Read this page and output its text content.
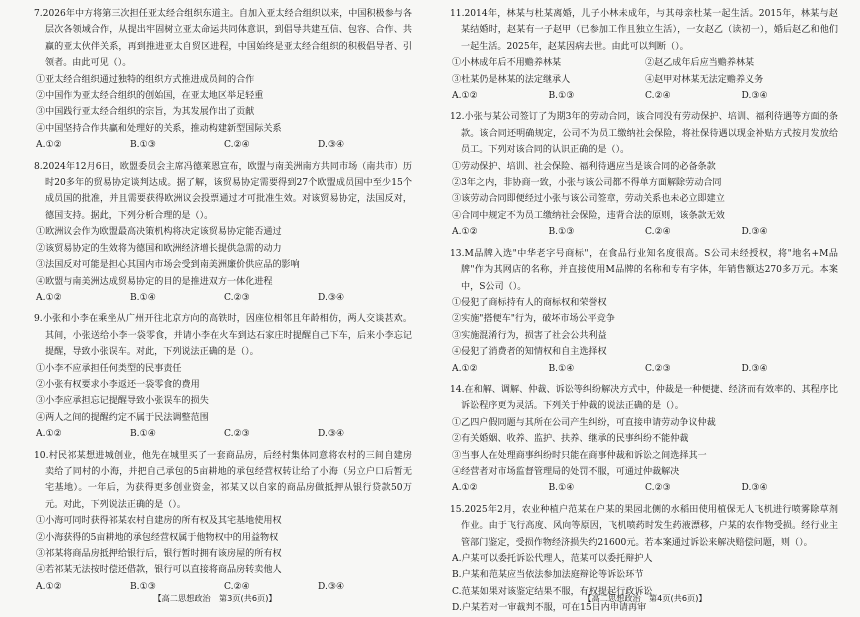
7.2026年中方将第三次担任亚太经合组织东道主。自加入亚太经合组织以来，中国积极参与各层次各领域合作，从提出牢固树立亚太命运共同体意识，到倡导共建互信、包容、合作、共赢的亚太伙伴关系，再到推进亚太自贸区进程，中国始终是亚太经合组织的积极倡导者、引领者。由此可见（）。
①亚太经合组织通过独特的组织方式推进成员间的合作
②中国作为亚太经合组织的创始国，在亚太地区举足轻重
③中国践行亚太经合组织的宗旨，为其发展作出了贡献
④中国坚持合作共赢和处理好的关系，推动构建新型国际关系
A.①②	B.①③	C.②④	D.③④
8.2024年12月6日，欧盟委员会主席冯德莱恩宣布，欧盟与南美洲南方共同市场（南共市）历时20多年的贸易协定谈判达成。据了解，该贸易协定需要得到27个欧盟成员国中至少15个成员国的批准，并且需要获得欧洲议会投票通过才可批准生效。对该贸易协定，法国反对，德国支持。据此，下列分析合理的是（）。
①欧洲议会作为欧盟最高决策机构将决定该贸易协定能否通过
②该贸易协定的生效将为德国和欧洲经济增长提供急需的动力
③法国反对可能是担心其国内市场会受到南美洲廉价供应品的影响
④欧盟与南美洲达成贸易协定的目的是推进双方一体化进程
A.①②	B.①④	C.②③	D.③④
9.小张和小李在乘坐从广州开往北京方向的高铁时，因座位相邻且年龄相仿，两人交谈甚欢。其间，小张送给小李一袋零食，并请小李在火车到达石家庄时提醒自己下车，后来小李忘记提醒，导致小张误车。对此，下列说法正确的是（）。
①小李不应承担任何类型的民事责任
②小张有权要求小李返还一袋零食的费用
③小李应承担忘记提醒导致小张误车的损失
④两人之间的提醒约定不属于民法调整范围
A.①②	B.①④	C.②③	D.③④
10.村民祁某想进城创业，他先在城里买了一套商品房，后经村集体同意将农村的三间自建房卖给了同村的小海，并把自己承包的5亩耕地的承包经营权转让给了小海（另立户口后暂无宅基地）。一年后，为获得更多创业资金，祁某又以自家的商品房做抵押从银行贷款50万元。对此，下列说法正确的是（）。
①小海可同时获得祁某农村自建房的所有权及其宅基地使用权
②小海获得的5亩耕地的承包经营权属于他物权中的用益物权
③祁某将商品房抵押给银行后，银行暂时拥有该房屋的所有权
④若祁某无法按时偿还借款，银行可以直接将商品房转卖他人
A.①②	B.①③	C.②④	D.③④
【高二思想政治　第3页(共6页)】
11.2014年，林某与杜某离婚，儿子小林未成年，与其母亲杜某一起生活。2015年，林某与赵某结婚时，赵某有一子赵甲（已参加工作且独立生活），一女赵乙（读初一），婚后赵乙和他们一起生活。2025年，赵某因病去世。由此可以判断（）。
①小林成年后不用赡养林某	②赵乙成年后应当赡养林某
③杜某仍是林某的法定继承人	④赵甲对林某无法定赡养义务
A.①②	B.①③	C.②④	D.③④
12.小张与某公司签订了为期3年的劳动合同，该合同没有劳动保护、培训、福利待遇等方面的条款。该合同还明确规定，公司不为员工缴纳社会保险，将社保待遇以现金补贴方式按月发放给员工。下列对该合同的认识正确的是（）。
①劳动保护、培训、社会保险、福利待遇应当是该合同的必备条款
②3年之内，非协商一致，小张与该公司都不得单方面解除劳动合同
③该劳动合同即便经过小张与该公司签章，劳动关系也未必立即建立
④合同中规定不为员工缴纳社会保险，违背合法的原则，该条款无效
A.①②	B.①③	C.②④	D.③④
13.M品牌入选"中华老字号商标"，在食品行业知名度很高。S公司未经授权，将"地名+M品牌"作为其网店的名称，并直接使用M品牌的名称和专有字体，年销售额达270多万元。本案中，S公司（）。
①侵犯了商标持有人的商标权和荣誉权
②实施"搭便车"行为，破坏市场公平竞争
③实施混淆行为，损害了社会公共利益
④侵犯了消费者的知情权和自主选择权
A.①②	B.①④	C.②③	D.③④
14.在和解、调解、仲裁、诉讼等纠纷解决方式中，仲裁是一种便捷、经济而有效率的、其程序比诉讼程序更为灵活。下列关于仲裁的说法正确的是（）。
①乙四户假同题与其所在公司产生纠纷，可直接申请劳动争议仲裁
②有关婚姻、收养、监护、扶养、继承的民事纠纷不能仲裁
③当事人在处理商事纠纷时只能在商事仲裁和诉讼之间选择其一
④经营者对市场监督管理局的处罚不服，可通过仲裁解决
A.①②	B.①④	C.②③	D.③④
15.2025年2月，农业种植户范某在户某的果园北侧的水稻田使用植保无人飞机进行喷雾除草剂作业。由于飞行高度、风向等原因，飞机喷药时发生药液漂移，户某的农作物受损。经行业主管部门鉴定，受损作物经济损失约21600元。若本案通过诉讼来解决赔偿问题，则（）。
A.户某可以委托诉讼代理人，范某可以委托辩护人
B.户某和范某应当依法参加法庭辩论等诉讼环节
C.范某如果对该鉴定结果不服，有权提起行政诉讼
D.户某若对一审裁判不服，可在15日内申请再审
【高二思想政治　第4页(共6页)】
